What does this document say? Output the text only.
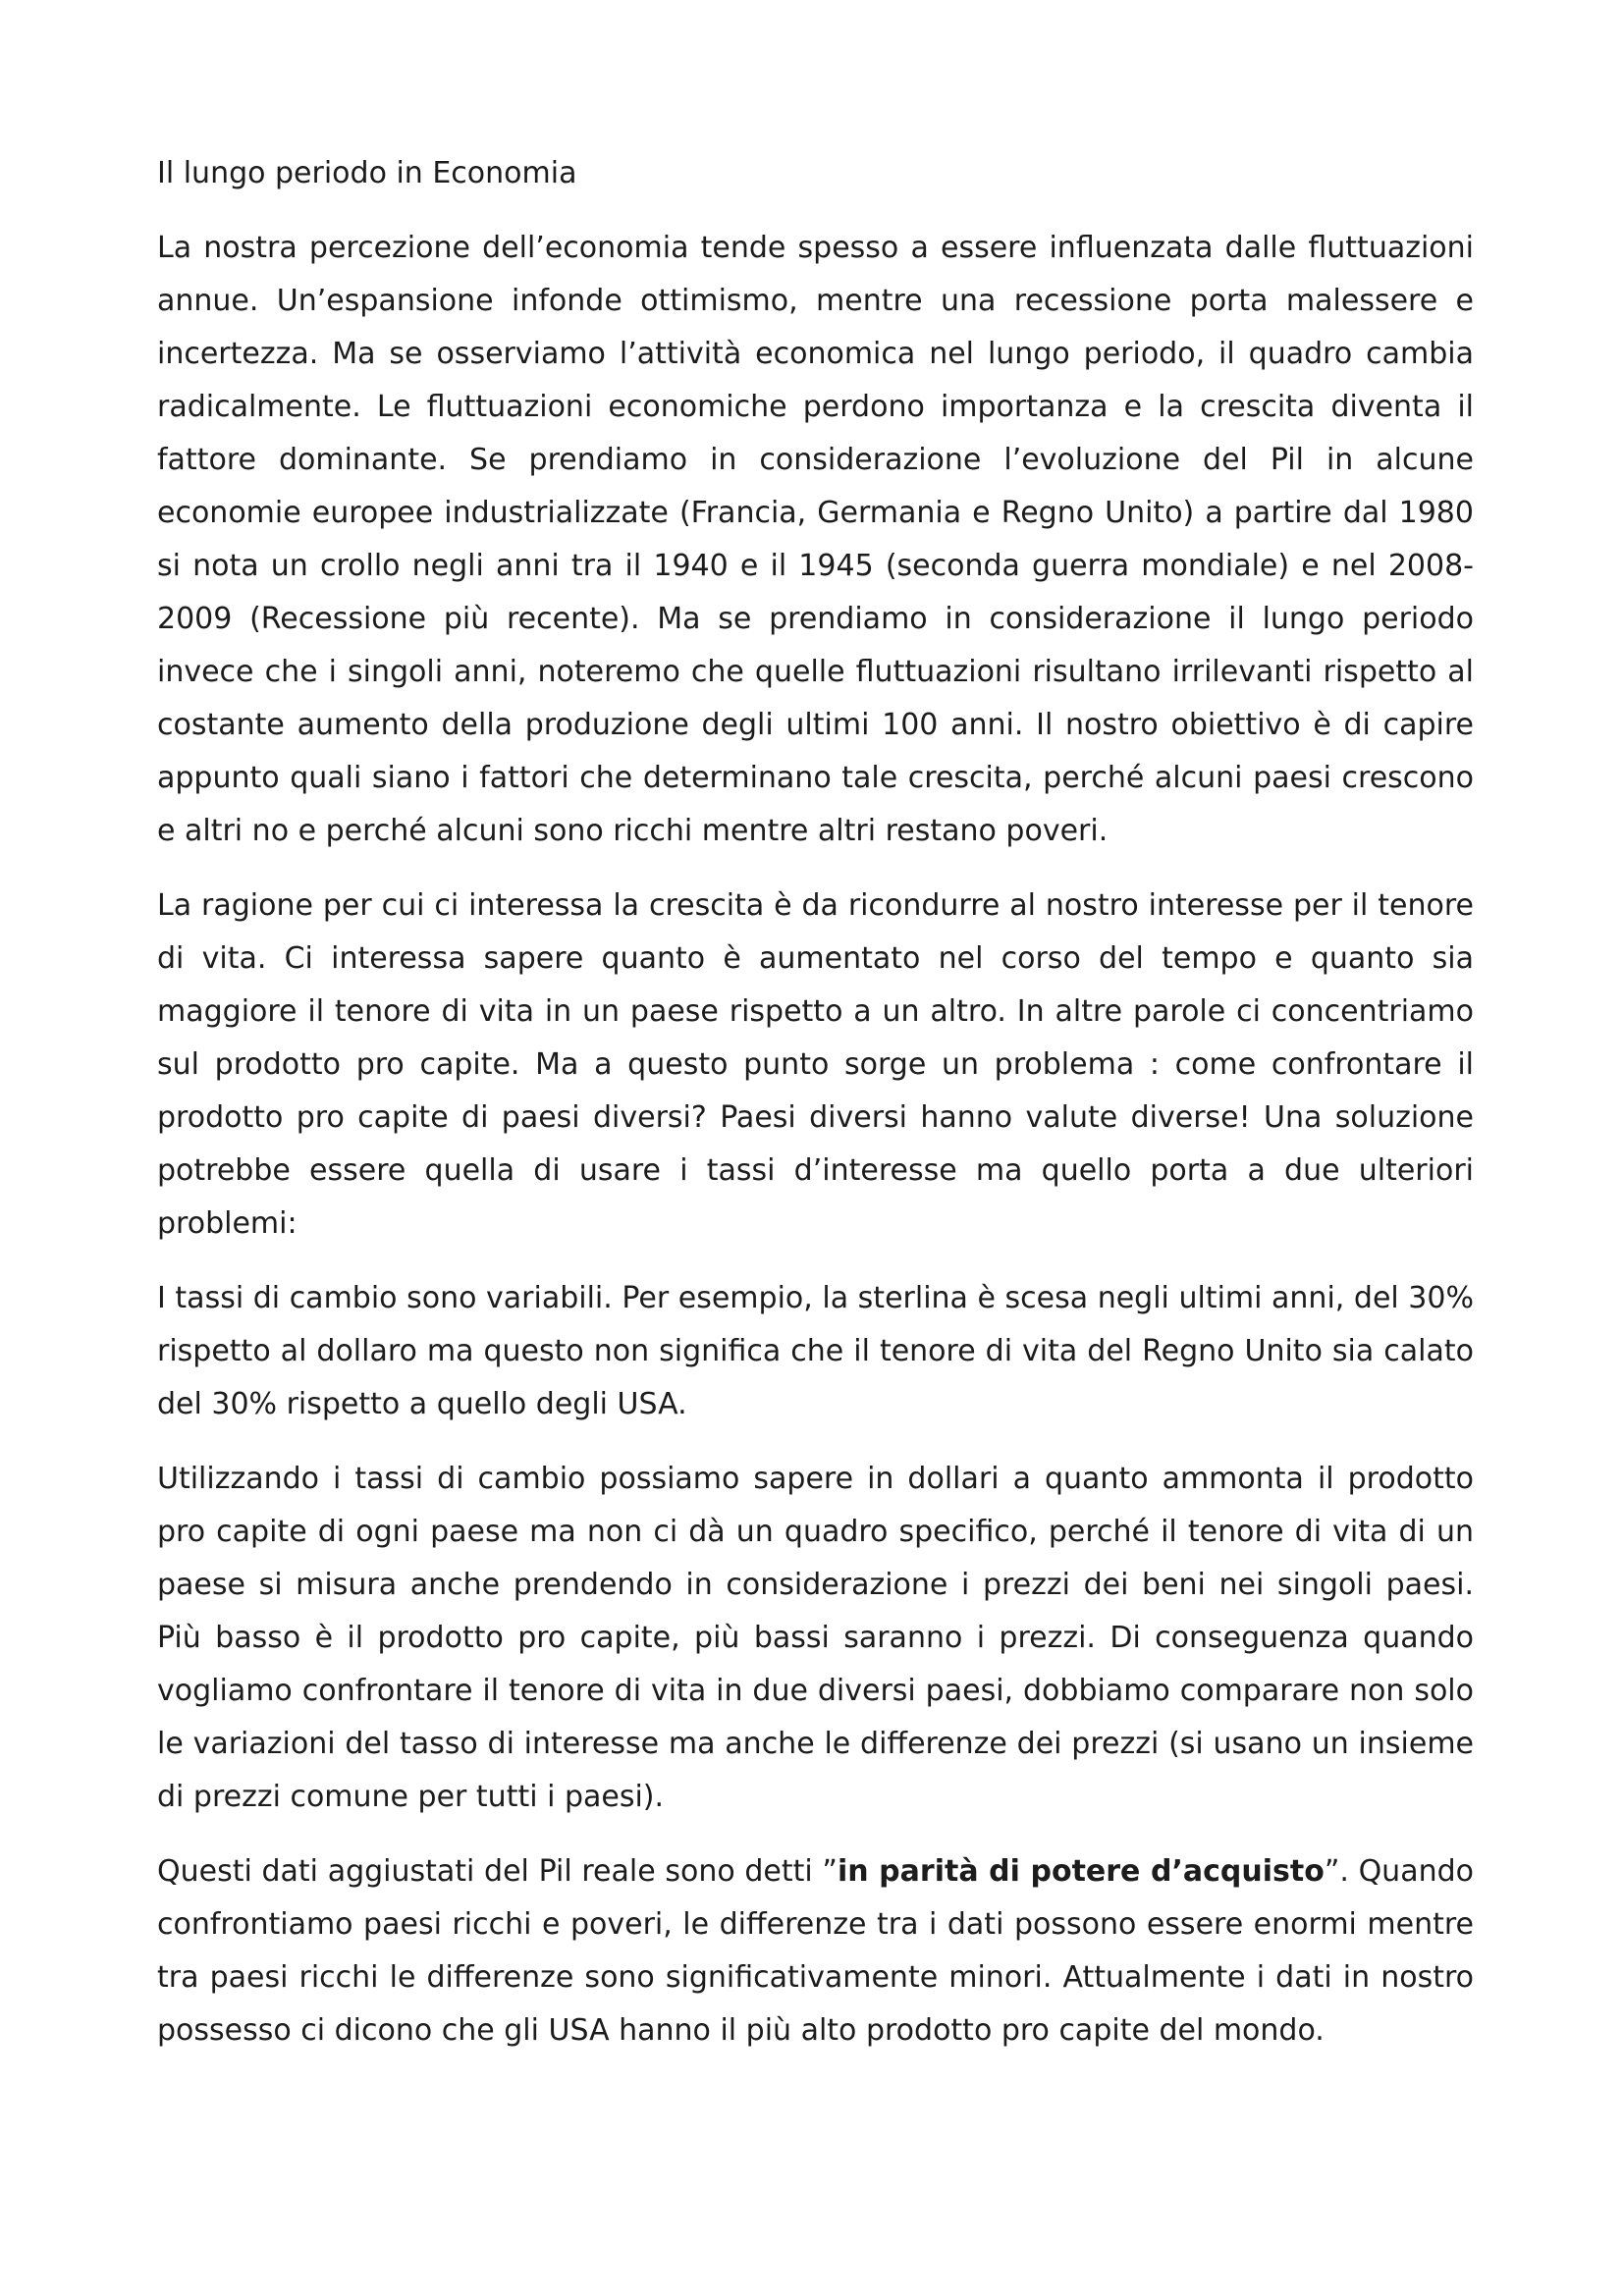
Il lungo periodo in Economia

La nostra percezione dell’economia tende spesso a essere influenzata dalle fluttuazioni annue. Un’espansione infonde ottimismo, mentre una recessione porta malessere e incertezza. Ma se osserviamo l’attività economica nel lungo periodo, il quadro cambia radicalmente. Le fluttuazioni economiche perdono importanza e la crescita diventa il fattore dominante. Se prendiamo in considerazione l’evoluzione del Pil in alcune economie europee industrializzate (Francia, Germania e Regno Unito) a partire dal 1980 si nota un crollo negli anni tra il 1940 e il 1945 (seconda guerra mondiale) e nel 2008-2009 (Recessione più recente). Ma se prendiamo in considerazione il lungo periodo invece che i singoli anni, noteremo che quelle fluttuazioni risultano irrilevanti rispetto al costante aumento della produzione degli ultimi 100 anni. Il nostro obiettivo è di capire appunto quali siano i fattori che determinano tale crescita, perché alcuni paesi crescono e altri no e perché alcuni sono ricchi mentre altri restano poveri.

La ragione per cui ci interessa la crescita è da ricondurre al nostro interesse per il tenore di vita. Ci interessa sapere quanto è aumentato nel corso del tempo e quanto sia maggiore il tenore di vita in un paese rispetto a un altro. In altre parole ci concentriamo sul prodotto pro capite. Ma a questo punto sorge un problema : come confrontare il prodotto pro capite di paesi diversi? Paesi diversi hanno valute diverse! Una soluzione potrebbe essere quella di usare i tassi d’interesse ma quello porta a due ulteriori problemi:

I tassi di cambio sono variabili. Per esempio, la sterlina è scesa negli ultimi anni, del 30% rispetto al dollaro ma questo non significa che il tenore di vita del Regno Unito sia calato del 30% rispetto a quello degli USA.

Utilizzando i tassi di cambio possiamo sapere in dollari a quanto ammonta il prodotto pro capite di ogni paese ma non ci dà un quadro specifico, perché il tenore di vita di un paese si misura anche prendendo in considerazione i prezzi dei beni nei singoli paesi. Più basso è il prodotto pro capite, più bassi saranno i prezzi. Di conseguenza quando vogliamo confrontare il tenore di vita in due diversi paesi, dobbiamo comparare non solo le variazioni del tasso di interesse ma anche le differenze dei prezzi (si usano un insieme di prezzi comune per tutti i paesi).

Questi dati aggiustati del Pil reale sono detti ”in parità di potere d’acquisto”. Quando confrontiamo paesi ricchi e poveri, le differenze tra i dati possono essere enormi mentre tra paesi ricchi le differenze sono significativamente minori. Attualmente i dati in nostro possesso ci dicono che gli USA hanno il più alto prodotto pro capite del mondo.
